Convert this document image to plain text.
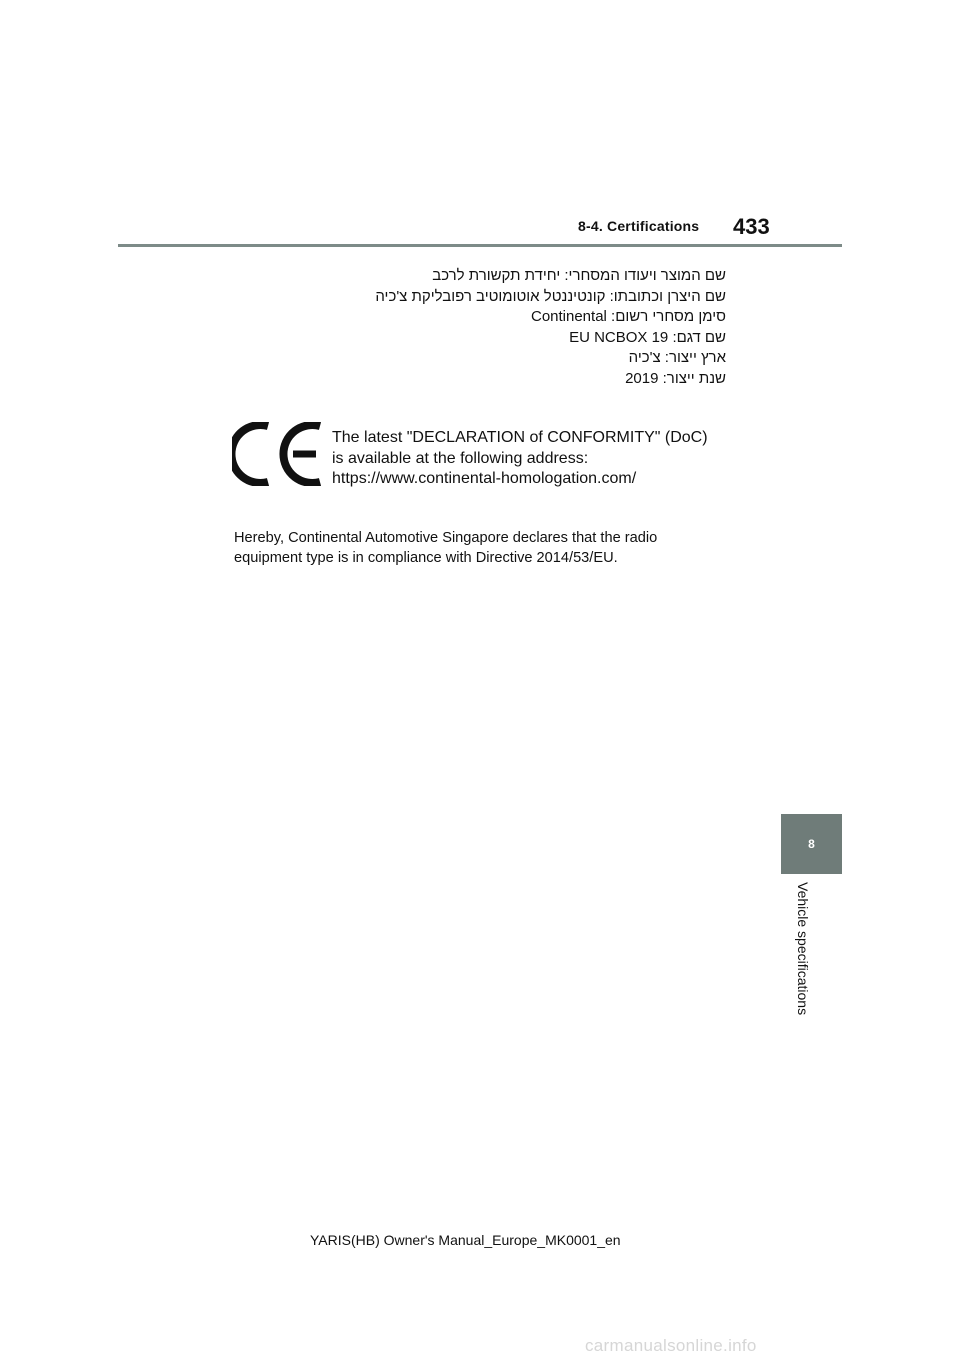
8-4. Certifications 433
שם המוצר ויעודו המסחרי: יחידת תקשורת לרכב
שם היצרן וכתובתו: קונטיננטל אוטומוטיב רפובליקת צ'כיה
סימן מסחרי רשום: Continental
שם דגם: EU NCBOX 19
ארץ ייצור: צ'כיה
שנת ייצור: 2019
The latest "DECLARATION of CONFORMITY" (DoC)
is available at the following address:
https://www.continental-homologation.com/
Hereby, Continental Automotive Singapore declares that the radio
equipment type is in compliance with Directive 2014/53/EU.
8
Vehicle specifications
YARIS(HB) Owner's Manual_Europe_MK0001_en
carmanualsonline.info
